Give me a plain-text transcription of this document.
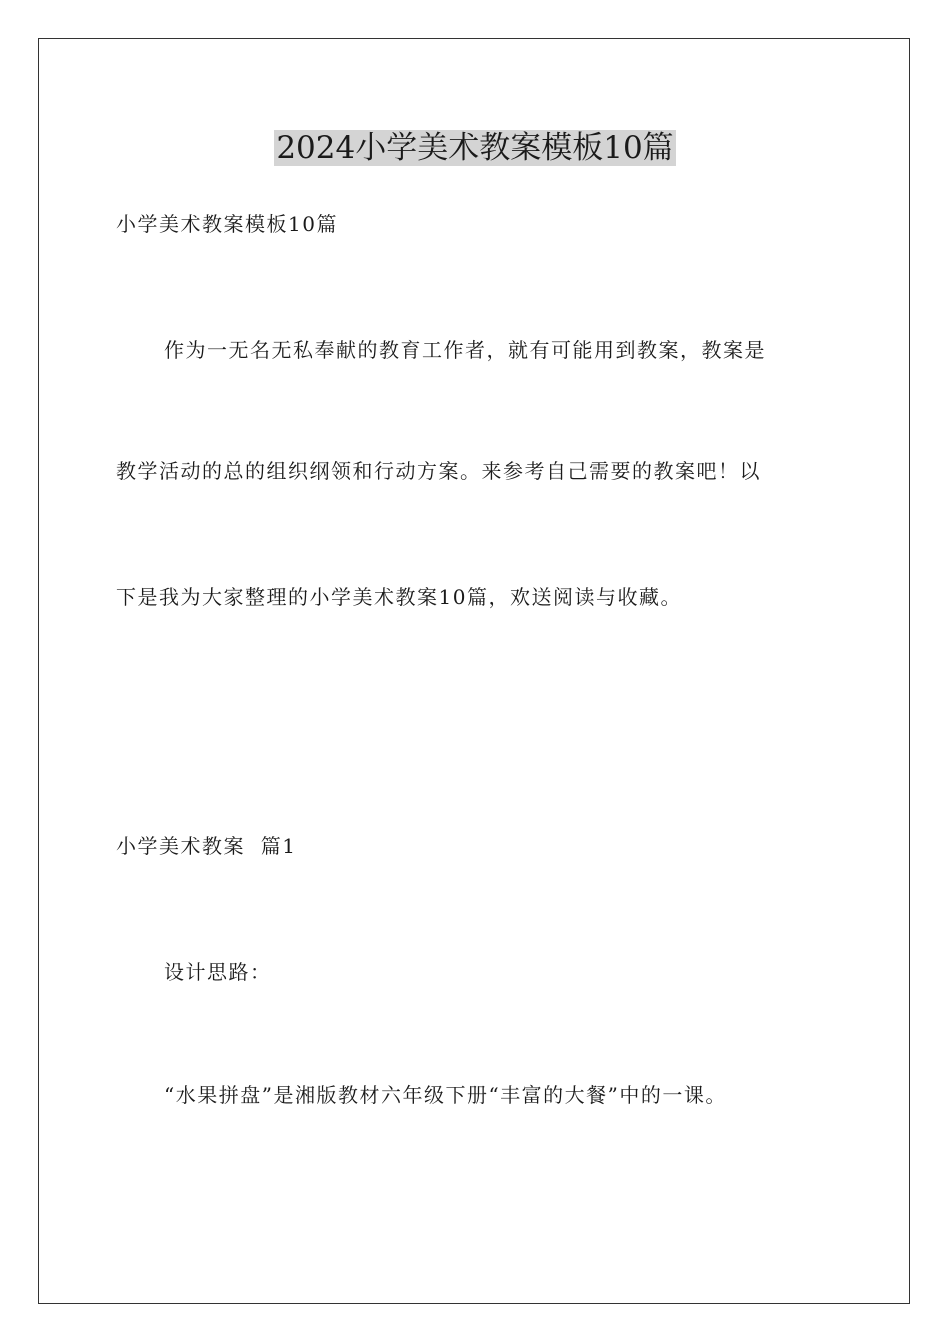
2024小学美术教案模板10篇
小学美术教案模板10篇
作为一无名无私奉献的教育工作者，就有可能用到教案，教案是
教学活动的总的组织纲领和行动方案。来参考自己需要的教案吧！以
下是我为大家整理的小学美术教案10篇，欢送阅读与收藏。
小学美术教案  篇1
设计思路：
“水果拼盘”是湘版教材六年级下册“丰富的大餐”中的一课。
